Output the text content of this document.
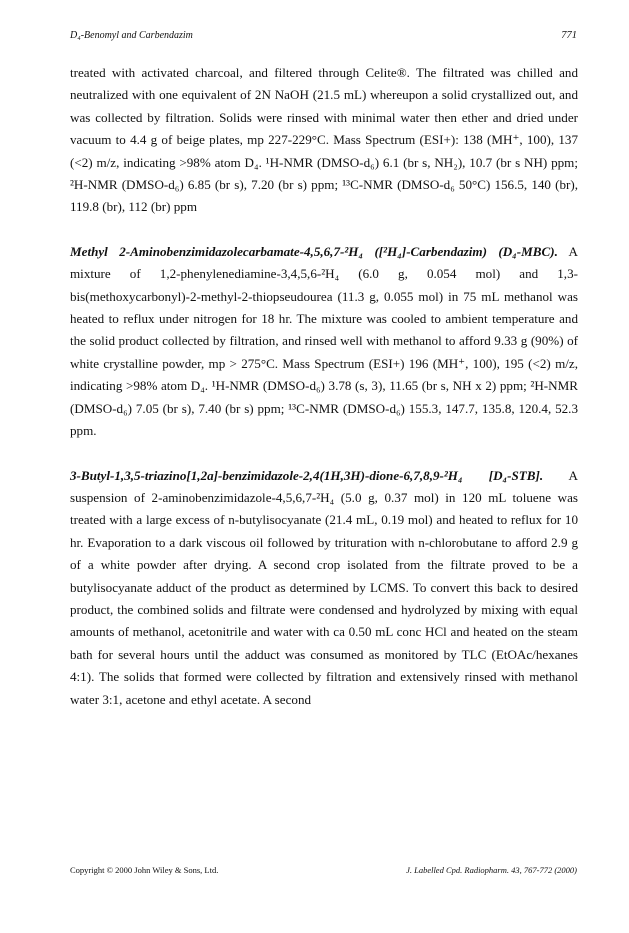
D₄-Benomyl and Carbendazim	771

treated with activated charcoal, and filtered through Celite®. The filtrated was chilled and neutralized with one equivalent of 2N NaOH (21.5 mL) whereupon a solid crystallized out, and was collected by filtration. Solids were rinsed with minimal water then ether and dried under vacuum to 4.4 g of beige plates, mp 227-229°C. Mass Spectrum (ESI+): 138 (MH⁺, 100), 137 (<2) m/z, indicating >98% atom D₄. ¹H-NMR (DMSO-d₆) 6.1 (br s, NH₂), 10.7 (br s NH) ppm; ²H-NMR (DMSO-d₆) 6.85 (br s), 7.20 (br s) ppm; ¹³C-NMR (DMSO-d₆ 50°C) 156.5, 140 (br), 119.8 (br), 112 (br) ppm

Methyl 2-Aminobenzimidazolecarbamate-4,5,6,7-²H₄ ([²H₄]-Carbendazim) (D₄-MBC). A mixture of 1,2-phenylenediamine-3,4,5,6-²H₄ (6.0 g, 0.054 mol) and 1,3-bis(methoxycarbonyl)-2-methyl-2-thiopseudourea (11.3 g, 0.055 mol) in 75 mL methanol was heated to reflux under nitrogen for 18 hr. The mixture was cooled to ambient temperature and the solid product collected by filtration, and rinsed well with methanol to afford 9.33 g (90%) of white crystalline powder, mp > 275°C. Mass Spectrum (ESI+) 196 (MH⁺, 100), 195 (<2) m/z, indicating >98% atom D₄. ¹H-NMR (DMSO-d₆) 3.78 (s, 3), 11.65 (br s, NH x 2) ppm; ²H-NMR (DMSO-d₆) 7.05 (br s), 7.40 (br s) ppm; ¹³C-NMR (DMSO-d₆) 155.3, 147.7, 135.8, 120.4, 52.3 ppm.

3-Butyl-1,3,5-triazino[1,2a]-benzimidazole-2,4(1H,3H)-dione-6,7,8,9-²H₄ [D₄-STB]. A suspension of 2-aminobenzimidazole-4,5,6,7-²H₄ (5.0 g, 0.37 mol) in 120 mL toluene was treated with a large excess of n-butylisocyanate (21.4 mL, 0.19 mol) and heated to reflux for 10 hr. Evaporation to a dark viscous oil followed by trituration with n-chlorobutane to afford 2.9 g of a white powder after drying. A second crop isolated from the filtrate proved to be a butylisocyanate adduct of the product as determined by LCMS. To convert this back to desired product, the combined solids and filtrate were condensed and hydrolyzed by mixing with equal amounts of methanol, acetonitrile and water with ca 0.50 mL conc HCl and heated on the steam bath for several hours until the adduct was consumed as monitored by TLC (EtOAc/hexanes 4:1). The solids that formed were collected by filtration and extensively rinsed with methanol water 3:1, acetone and ethyl acetate. A second

Copyright © 2000 John Wiley & Sons, Ltd.	J. Labelled Cpd. Radiopharm. 43, 767-772 (2000)
